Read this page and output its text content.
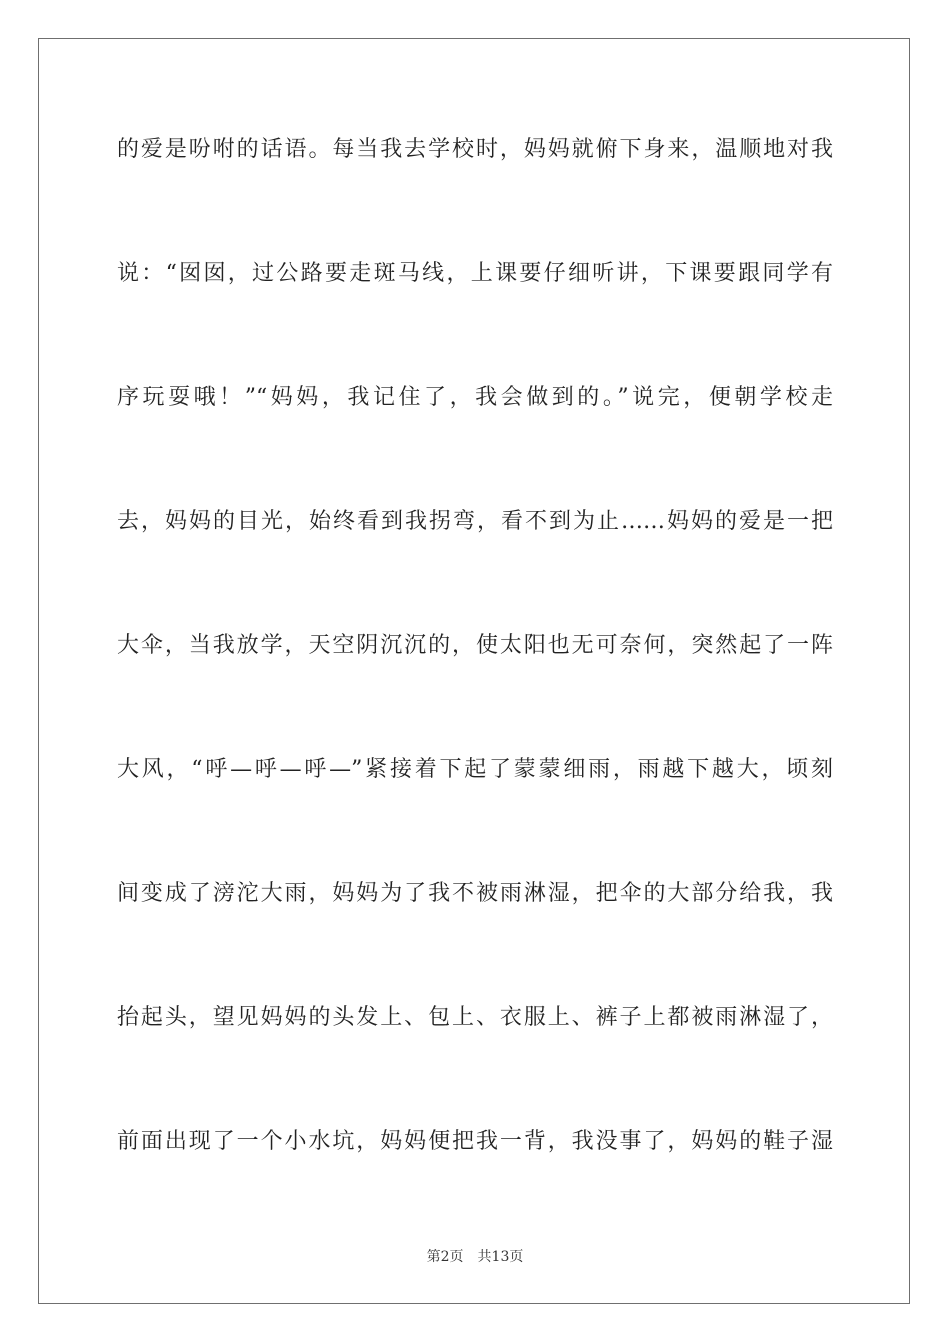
的爱是吩咐的话语。每当我去学校时，妈妈就俯下身来，温顺地对我
说：“囡囡，过公路要走斑马线，上课要仔细听讲，下课要跟同学有
序玩耍哦！”“妈妈，我记住了，我会做到的。”说完，便朝学校走
去，妈妈的目光，始终看到我拐弯，看不到为止……妈妈的爱是一把
大伞，当我放学，天空阴沉沉的，使太阳也无可奈何，突然起了一阵
大风，“呼—呼—呼—”紧接着下起了蒙蒙细雨，雨越下越大，顷刻
间变成了滂沱大雨，妈妈为了我不被雨淋湿，把伞的大部分给我，我
抬起头，望见妈妈的头发上、包上、衣服上、裤子上都被雨淋湿了，
前面出现了一个小水坑，妈妈便把我一背，我没事了，妈妈的鞋子湿
第2页　共13页
